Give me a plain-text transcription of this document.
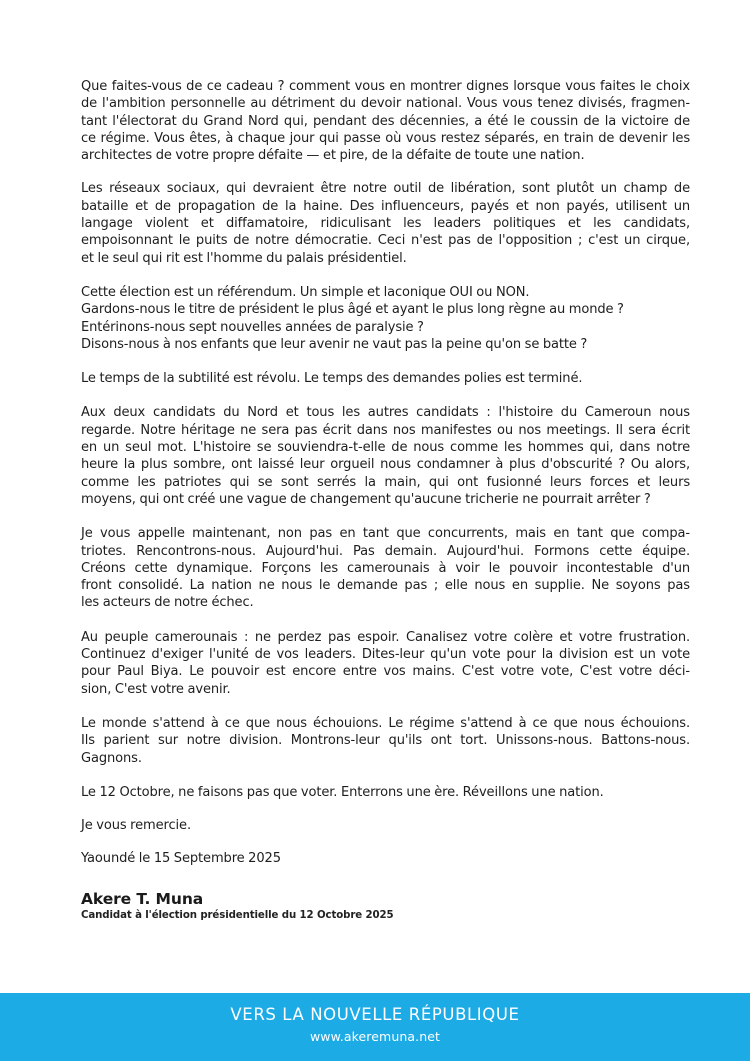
Que faites-vous de ce cadeau ? comment vous en montrer dignes lorsque vous faites le choix
de l'ambition personnelle au détriment du devoir national. Vous vous tenez divisés, fragmen-
tant l'électorat du Grand Nord qui, pendant des décennies, a été le coussin de la victoire de
ce régime. Vous êtes, à chaque jour qui passe où vous restez séparés, en train de devenir les
architectes de votre propre défaite — et pire, de la défaite de toute une nation.

Les réseaux sociaux, qui devraient être notre outil de libération, sont plutôt un champ de
bataille et de propagation de la haine. Des influenceurs, payés et non payés, utilisent un
langage violent et diffamatoire, ridiculisant les leaders politiques et les candidats,
empoisonnant le puits de notre démocratie. Ceci n'est pas de l'opposition ; c'est un cirque,
et le seul qui rit est l'homme du palais présidentiel.

Cette élection est un référendum. Un simple et laconique OUI ou NON.
Gardons-nous le titre de président le plus âgé et ayant le plus long règne au monde ?
Entérinons-nous sept nouvelles années de paralysie ?
Disons-nous à nos enfants que leur avenir ne vaut pas la peine qu'on se batte ?

Le temps de la subtilité est révolu. Le temps des demandes polies est terminé.

Aux deux candidats du Nord et tous les autres candidats : l'histoire du Cameroun nous
regarde. Notre héritage ne sera pas écrit dans nos manifestes ou nos meetings. Il sera écrit
en un seul mot. L'histoire se souviendra-t-elle de nous comme les hommes qui, dans notre
heure la plus sombre, ont laissé leur orgueil nous condamner à plus d'obscurité ? Ou alors,
comme les patriotes qui se sont serrés la main, qui ont fusionné leurs forces et leurs
moyens, qui ont créé une vague de changement qu'aucune tricherie ne pourrait arrêter ?

Je vous appelle maintenant, non pas en tant que concurrents, mais en tant que compa-
triotes. Rencontrons-nous. Aujourd'hui. Pas demain. Aujourd'hui. Formons cette équipe.
Créons cette dynamique. Forçons les camerounais à voir le pouvoir incontestable d'un
front consolidé. La nation ne nous le demande pas ; elle nous en supplie. Ne soyons pas
les acteurs de notre échec.

Au peuple camerounais : ne perdez pas espoir. Canalisez votre colère et votre frustration.
Continuez d'exiger l'unité de vos leaders. Dites-leur qu'un vote pour la division est un vote
pour Paul Biya. Le pouvoir est encore entre vos mains. C'est votre vote, C'est votre déci-
sion, C'est votre avenir.

Le monde s'attend à ce que nous échouions. Le régime s'attend à ce que nous échouions.
Ils parient sur notre division. Montrons-leur qu'ils ont tort. Unissons-nous. Battons-nous.
Gagnons.

Le 12 Octobre, ne faisons pas que voter. Enterrons une ère. Réveillons une nation.

Je vous remercie.

Yaoundé le 15 Septembre 2025

Akere T. Muna
Candidat à l'élection présidentielle du 12 Octobre 2025
VERS LA NOUVELLE RÉPUBLIQUE
www.akeremuna.net
